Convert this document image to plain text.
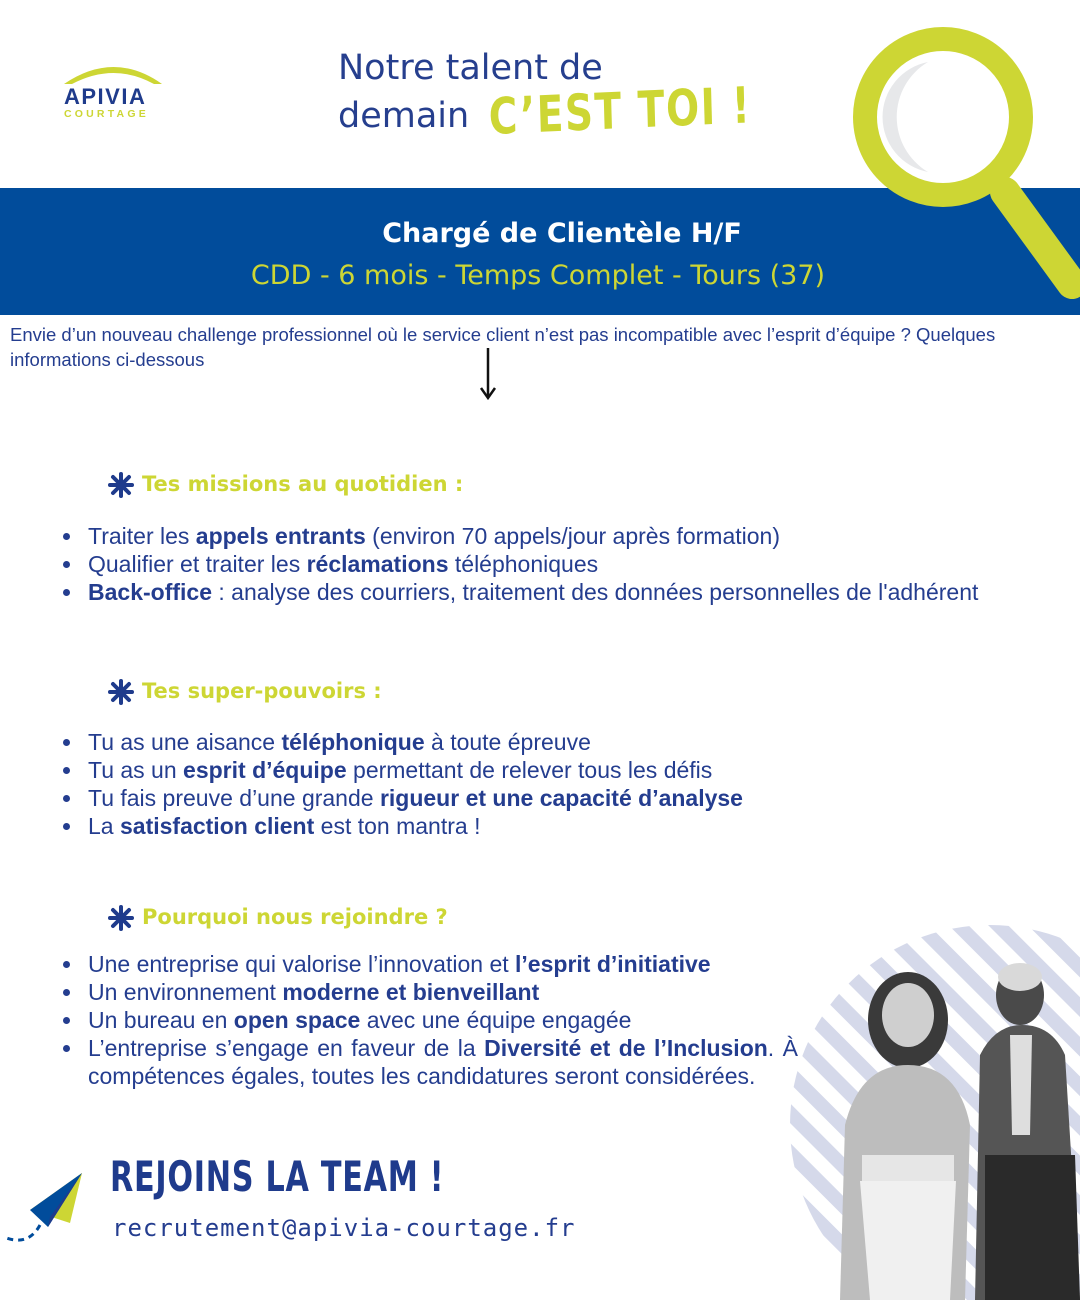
APIVIA
COURTAGE
Notre talent de
demain C’EST TOI !
Chargé de Clientèle H/F
CDD - 6 mois - Temps Complet - Tours (37)
Envie d’un nouveau challenge professionnel où le service client n’est pas incompatible avec l’esprit d’équipe ? Quelques informations ci-dessous
Tes missions au quotidien :
Traiter les appels entrants (environ 70 appels/jour après formation)
Qualifier et traiter les réclamations téléphoniques
Back-office : analyse des courriers, traitement des données personnelles de l'adhérent
Tes super-pouvoirs :
Tu as une aisance téléphonique à toute épreuve
Tu as un esprit d’équipe permettant de relever tous les défis
Tu fais preuve d’une grande rigueur et une capacité d’analyse
La satisfaction client est ton mantra !
Pourquoi nous rejoindre ?
Une entreprise qui valorise l’innovation et l’esprit d’initiative
Un environnement moderne et bienveillant
Un bureau en open space avec une équipe engagée
L’entreprise s’engage en faveur de la Diversité et de l’Inclusion. À compétences égales, toutes les candidatures seront considérées.
REJOINS LA TEAM !
recrutement@apivia-courtage.fr
